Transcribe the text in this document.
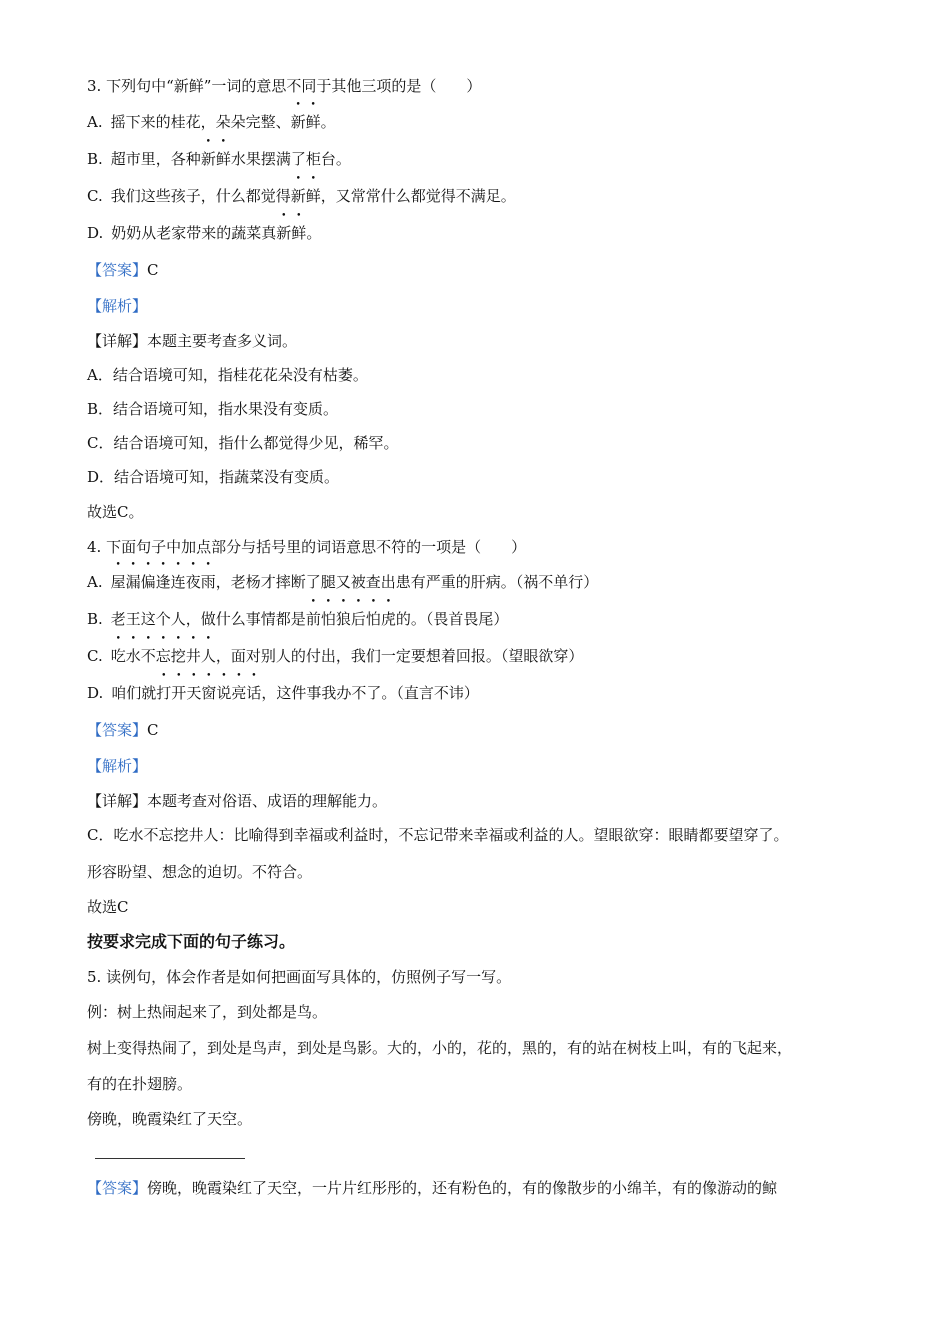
3. 下列句中“新鲜”一词的意思不同于其他三项的是（　　）
A. 摇下来的桂花，朵朵完整、新鲜。
B. 超市里，各种新鲜水果摆满了柜台。
C. 我们这些孩子，什么都觉得新鲜，又常常什么都觉得不满足。
D. 奶奶从老家带来的蔬菜真新鲜。
【答案】C
【解析】
【详解】本题主要考查多义词。
A．结合语境可知，指桂花花朵没有枯萎。
B．结合语境可知，指水果没有变质。
C．结合语境可知，指什么都觉得少见，稀罕。
D．结合语境可知，指蔬菜没有变质。
故选C。
4. 下面句子中加点部分与括号里的词语意思不符的一项是（　　）
A. 屋漏偏逢连夜雨，老杨才摔断了腿又被查出患有严重的肝病。（祸不单行）
B. 老王这个人，做什么事情都是前怕狼后怕虎的。（畏首畏尾）
C. 吃水不忘挖井人，面对别人的付出，我们一定要想着回报。（望眼欲穿）
D. 咱们就打开天窗说亮话，这件事我办不了。（直言不讳）
【答案】C
【解析】
【详解】本题考查对俗语、成语的理解能力。
C．吃水不忘挖井人：比喻得到幸福或利益时，不忘记带来幸福或利益的人。望眼欲穿：眼睛都要望穿了。
形容盼望、想念的迫切。不符合。
故选C
按要求完成下面的句子练习。
5. 读例句，体会作者是如何把画面写具体的，仿照例子写一写。
例：树上热闹起来了，到处都是鸟。
树上变得热闹了，到处是鸟声，到处是鸟影。大的，小的，花的，黑的，有的站在树枝上叫，有的飞起来，
有的在扑翅膀。
傍晚，晚霞染红了天空。
【答案】傍晚，晚霞染红了天空，一片片红彤彤的，还有粉色的，有的像散步的小绵羊，有的像游动的鲸
